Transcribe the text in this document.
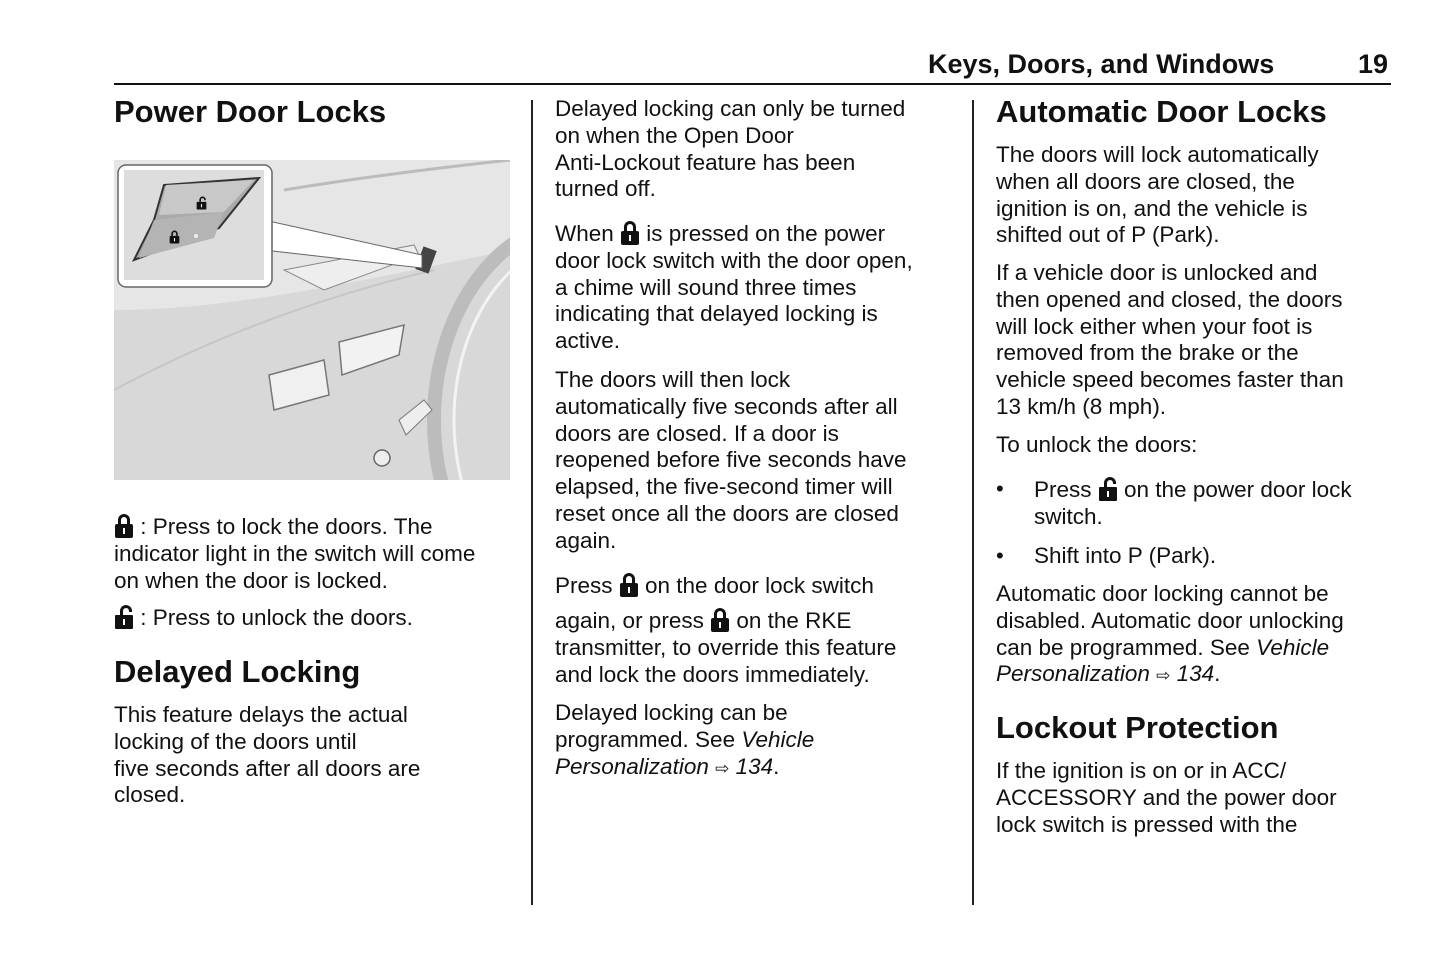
Keys, Doors, and Windows	19
Power Door Locks
: Press to lock the doors. The
indicator light in the switch will come
on when the door is locked.
: Press to unlock the doors.
Delayed Locking
This feature delays the actual
locking of the doors until
five seconds after all doors are
closed.
Delayed locking can only be turned
on when the Open Door
Anti-Lockout feature has been
turned off.
When
is pressed on the power
door lock switch with the door open,
a chime will sound three times
indicating that delayed locking is
active.
The doors will then lock
automatically five seconds after all
doors are closed. If a door is
reopened before five seconds have
elapsed, the five-second timer will
reset once all the doors are closed
again.
Press
on the door lock switch
again, or press
on the RKE
transmitter, to override this feature
and lock the doors immediately.
Delayed locking can be
programmed. See Vehicle
Personalization ⇨ 134.
Automatic Door Locks
The doors will lock automatically
when all doors are closed, the
ignition is on, and the vehicle is
shifted out of P (Park).
If a vehicle door is unlocked and
then opened and closed, the doors
will lock either when your foot is
removed from the brake or the
vehicle speed becomes faster than
13 km/h (8 mph).
To unlock the doors:
• Press
on the power door lock
switch.
• Shift into P (Park).
Automatic door locking cannot be
disabled. Automatic door unlocking
can be programmed. See Vehicle
Personalization ⇨ 134.
Lockout Protection
If the ignition is on or in ACC/
ACCESSORY and the power door
lock switch is pressed with the
